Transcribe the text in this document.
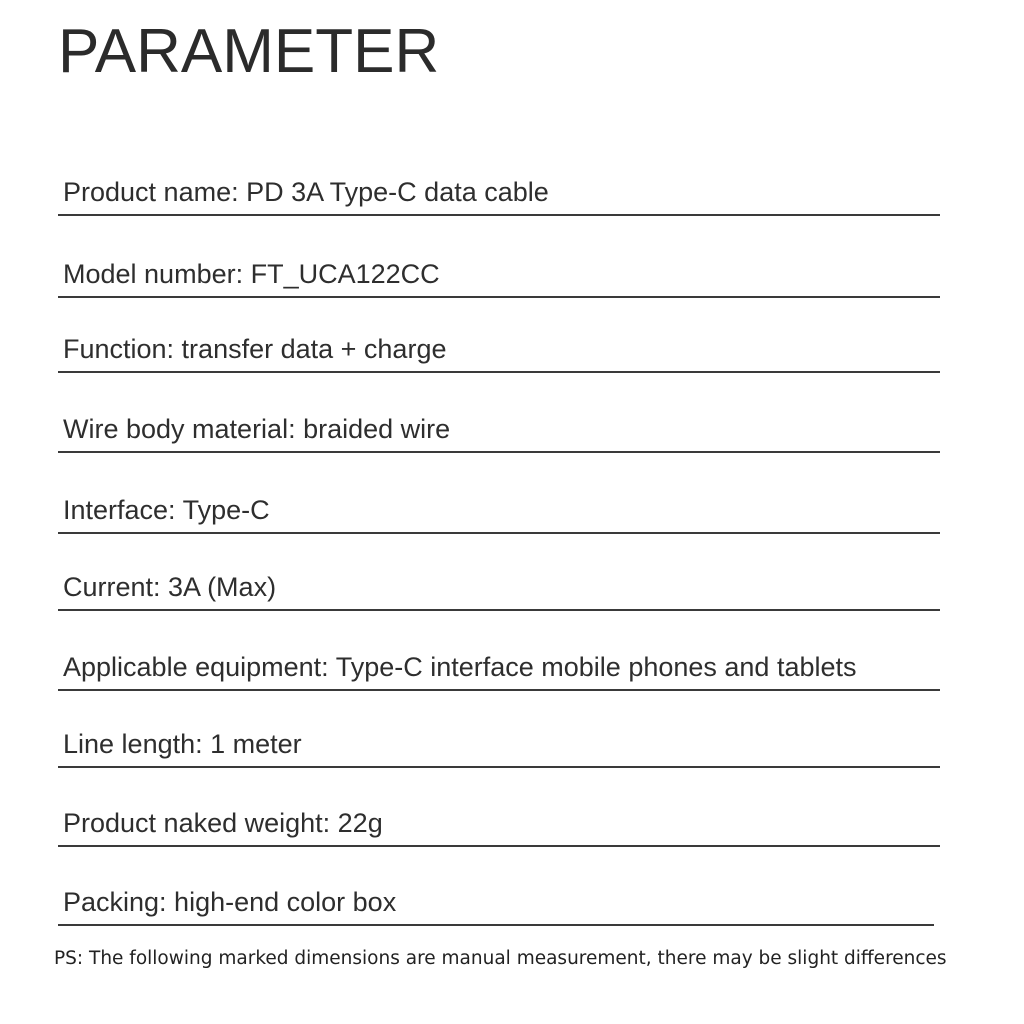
PARAMETER
Product name: PD 3A Type-C data cable
Model number: FT_UCA122CC
Function: transfer data + charge
Wire body material: braided wire
Interface: Type-C
Current: 3A (Max)
Applicable equipment: Type-C interface mobile phones and tablets
Line length: 1 meter
Product naked weight: 22g
Packing: high-end color box
PS: The following marked dimensions are manual measurement, there may be slight differences
